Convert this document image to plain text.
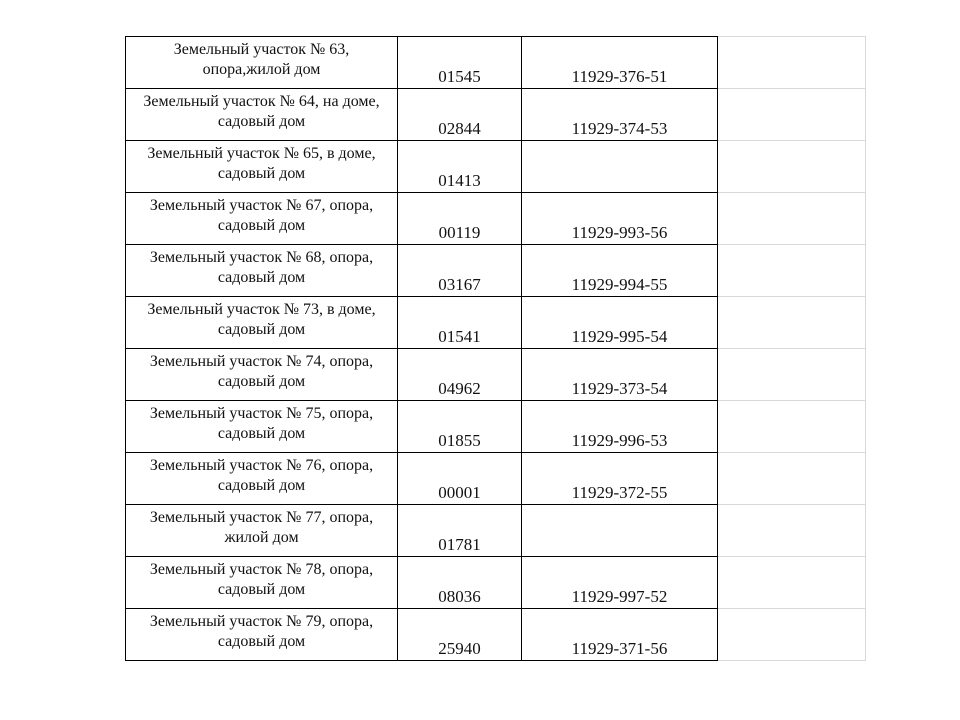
Земельный участок № 63,
опора,жилой дом	01545	11929-376-51	

Земельный участок № 64, на доме,
садовый дом	02844	11929-374-53	

Земельный участок № 65, в доме,
садовый дом	01413		

Земельный участок № 67, опора,
садовый дом	00119	11929-993-56	

Земельный участок № 68, опора,
садовый дом	03167	11929-994-55	

Земельный участок № 73, в доме,
садовый дом	01541	11929-995-54	

Земельный участок № 74, опора,
садовый дом	04962	11929-373-54	

Земельный участок № 75, опора,
садовый дом	01855	11929-996-53	

Земельный участок № 76, опора,
садовый дом	00001	11929-372-55	

Земельный участок № 77, опора,
жилой дом	01781		

Земельный участок № 78, опора,
садовый дом	08036	11929-997-52	

Земельный участок № 79, опора,
садовый дом	25940	11929-371-56	
